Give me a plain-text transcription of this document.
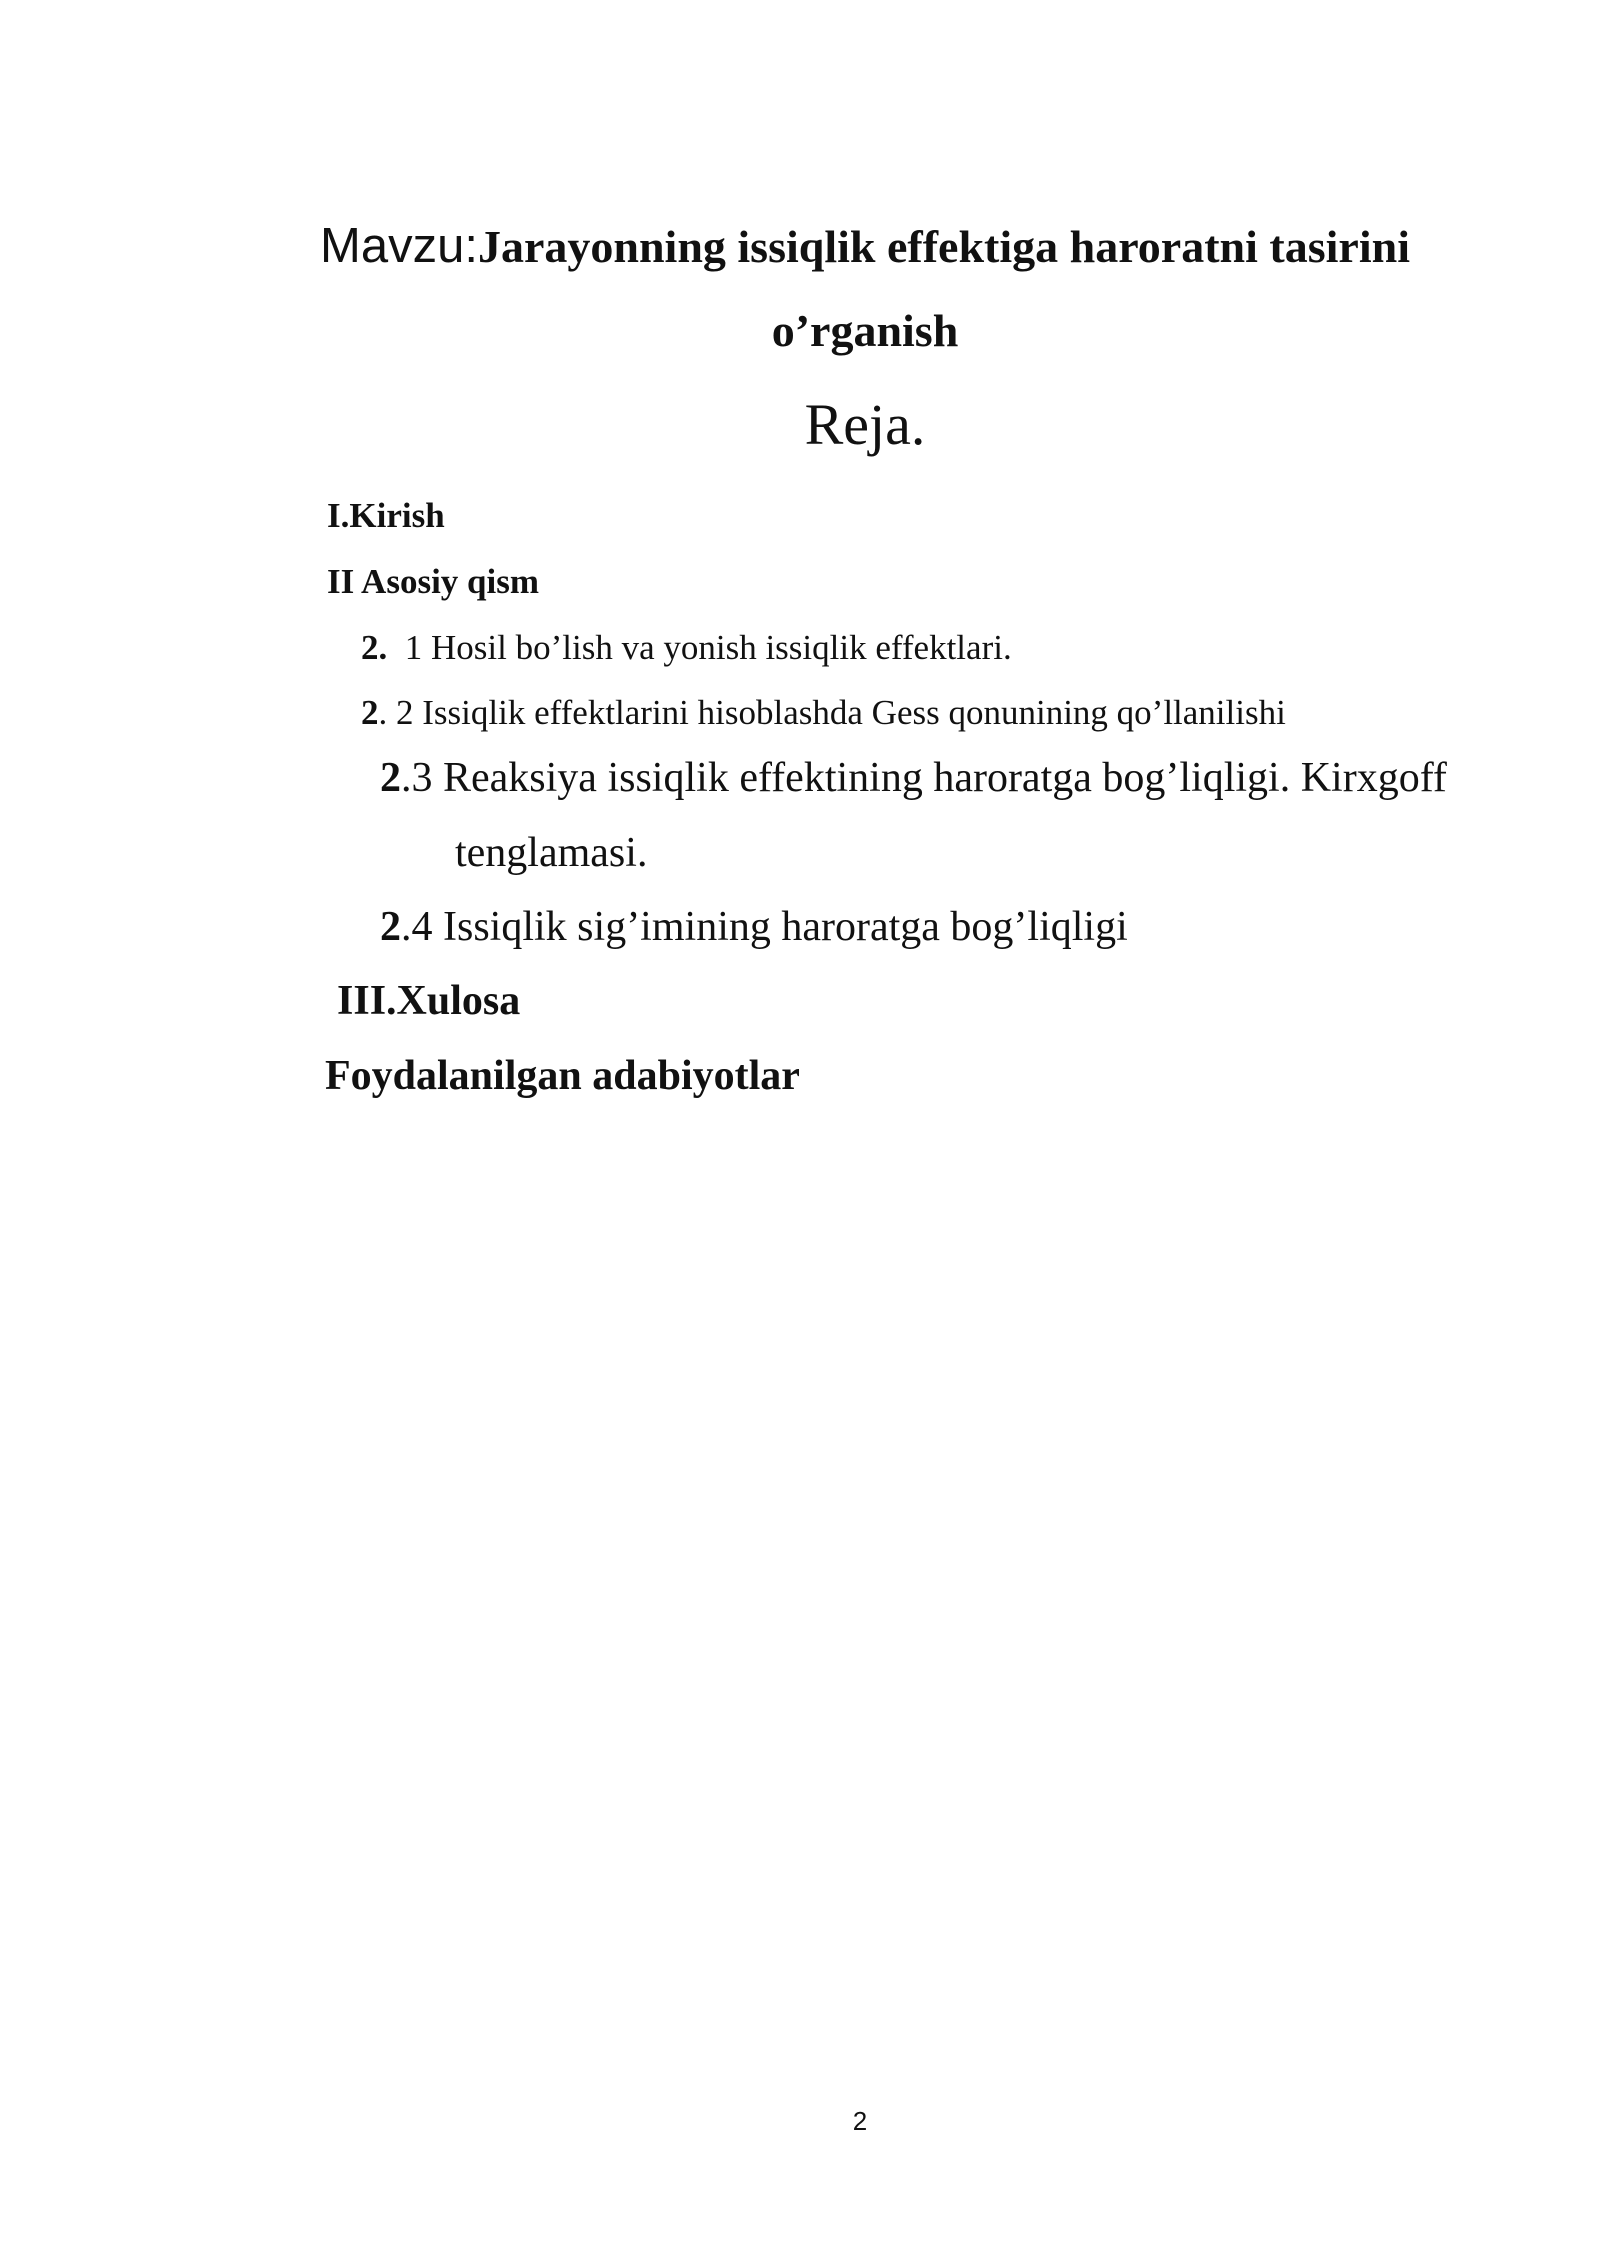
Mavzu:Jarayonning issiqlik effektiga haroratni tasirini
o’rganish
Reja.
I.Kirish
II Asosiy qism
2.  1 Hosil bo’lish va yonish issiqlik effektlari.
2. 2 Issiqlik effektlarini hisoblashda Gess qonunining qo’llanilishi
2.3 Reaksiya issiqlik effektining haroratga bog’liqligi. Kirxgoff
tenglamasi.
2.4 Issiqlik sig’imining haroratga bog’liqligi
III.Xulosa
Foydalanilgan adabiyotlar
2
